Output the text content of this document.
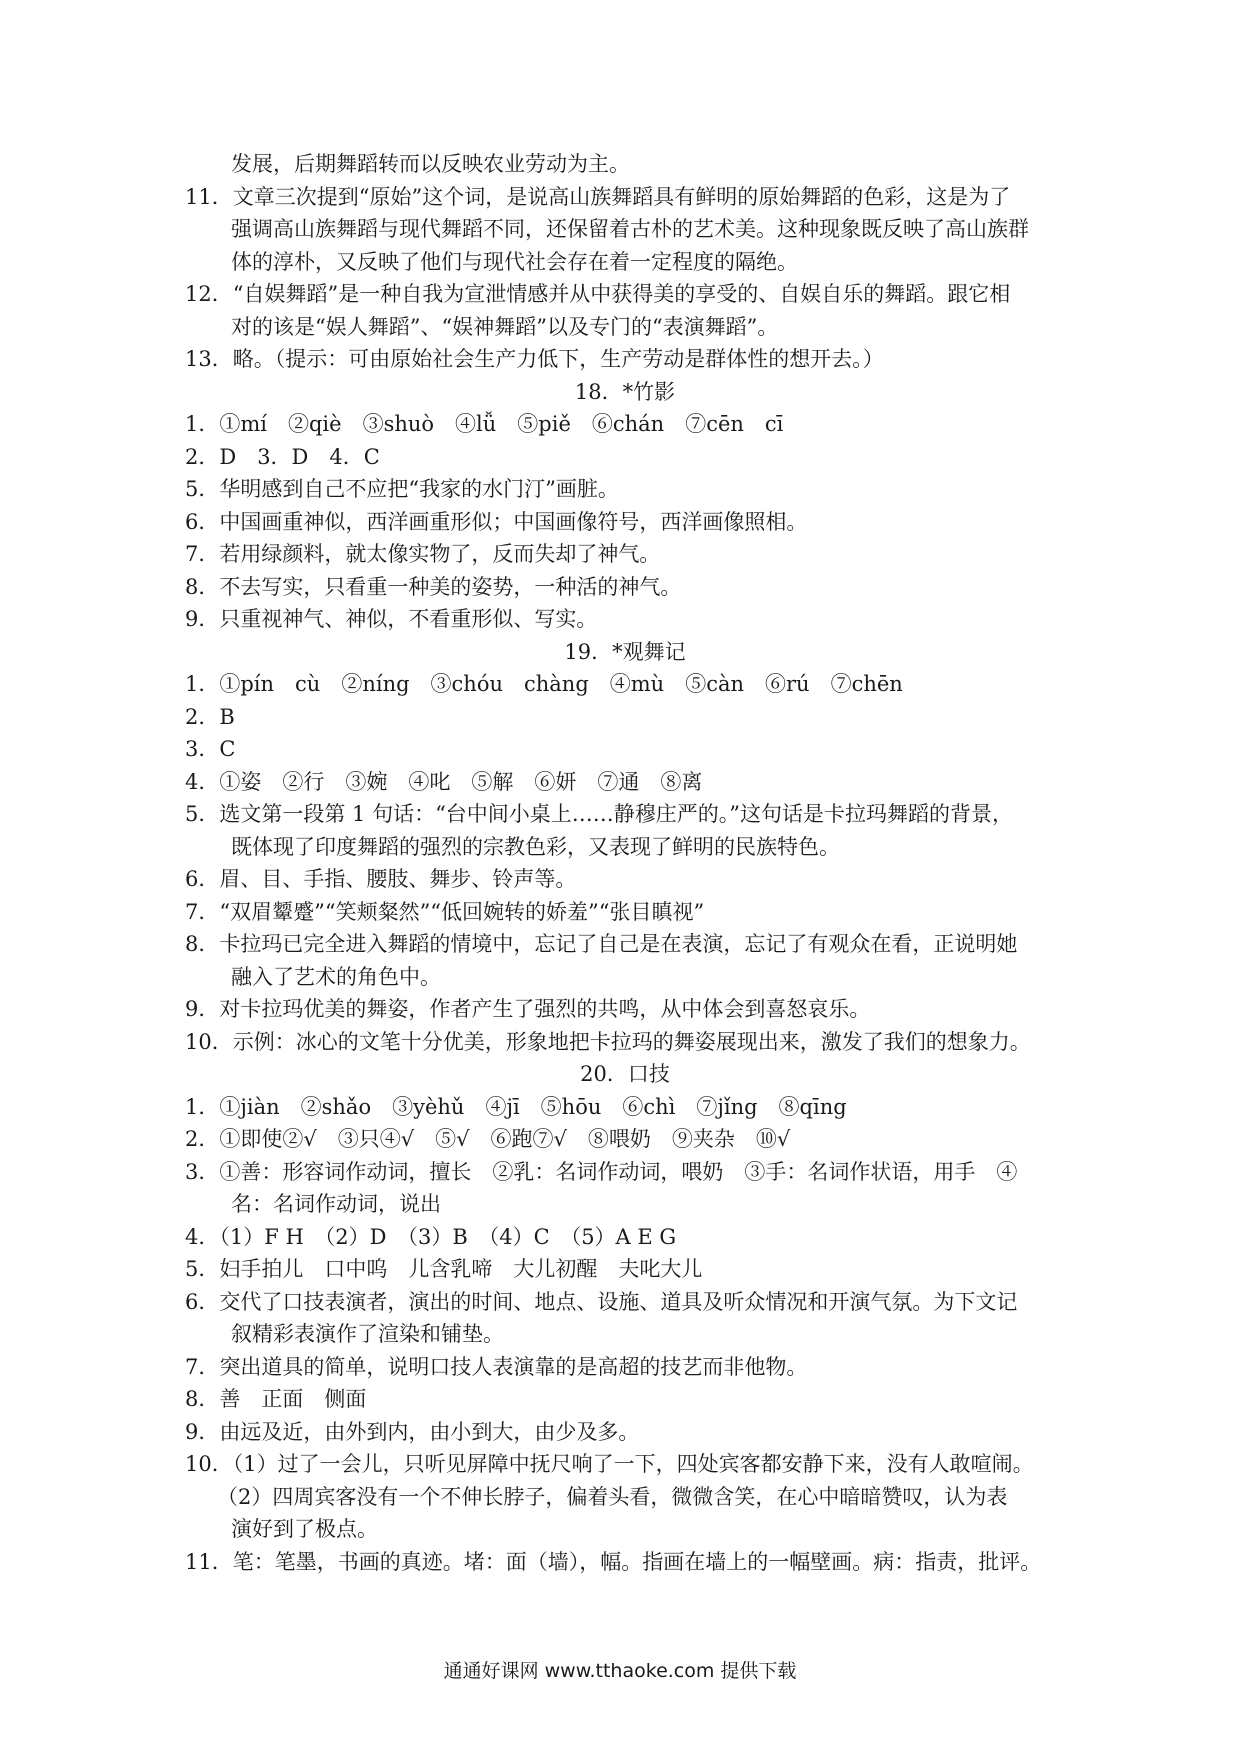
发展，后期舞蹈转而以反映农业劳动为主。
11．文章三次提到“原始”这个词，是说高山族舞蹈具有鲜明的原始舞蹈的色彩，这是为了
强调高山族舞蹈与现代舞蹈不同，还保留着古朴的艺术美。这种现象既反映了高山族群
体的淳朴，又反映了他们与现代社会存在着一定程度的隔绝。
12．“自娱舞蹈”是一种自我为宣泄情感并从中获得美的享受的、自娱自乐的舞蹈。跟它相
对的该是“娱人舞蹈”、“娱神舞蹈”以及专门的“表演舞蹈”。
13．略。（提示：可由原始社会生产力低下，生产劳动是群体性的想开去。）
18．*竹影
1．①mí　②qiè　③shuò　④lǚ　⑤piě　⑥chán　⑦cēn　cī
2．D　3．D　4．C
5．华明感到自己不应把“我家的水门汀”画脏。
6．中国画重神似，西洋画重形似；中国画像符号，西洋画像照相。
7．若用绿颜料，就太像实物了，反而失却了神气。
8．不去写实，只看重一种美的姿势，一种活的神气。
9．只重视神气、神似，不看重形似、写实。
19．*观舞记
1．①pín　cù　②níng　③chóu　chàng　④mù　⑤càn　⑥rú　⑦chēn
2．B
3．C
4．①姿　②行　③婉　④叱　⑤解　⑥妍　⑦通　⑧离
5．选文第一段第 1 句话：“台中间小桌上……静穆庄严的。”这句话是卡拉玛舞蹈的背景，
既体现了印度舞蹈的强烈的宗教色彩，又表现了鲜明的民族特色。
6．眉、目、手指、腰肢、舞步、铃声等。
7．“双眉颦蹙”“笑颊粲然”“低回婉转的娇羞”“张目瞋视”
8．卡拉玛已完全进入舞蹈的情境中，忘记了自己是在表演，忘记了有观众在看，正说明她
融入了艺术的角色中。
9．对卡拉玛优美的舞姿，作者产生了强烈的共鸣，从中体会到喜怒哀乐。
10．示例：冰心的文笔十分优美，形象地把卡拉玛的舞姿展现出来，激发了我们的想象力。
20．口技
1．①jiàn　②shǎo　③yèhǔ　④jī　⑤hōu　⑥chì　⑦jǐng　⑧qīng
2．①即使②√　③只④√　⑤√　⑥跑⑦√　⑧喂奶　⑨夹杂　⑩√
3．①善：形容词作动词，擅长　②乳：名词作动词，喂奶　③手：名词作状语，用手　④
名：名词作动词，说出
4．（1）F H　（2）D　（3）B　（4）C　（5）A E G
5．妇手拍儿　口中呜　儿含乳啼　大儿初醒　夫叱大儿
6．交代了口技表演者，演出的时间、地点、设施、道具及听众情况和开演气氛。为下文记
叙精彩表演作了渲染和铺垫。
7．突出道具的简单，说明口技人表演靠的是高超的技艺而非他物。
8．善　正面　侧面
9．由远及近，由外到内，由小到大，由少及多。
10．（1）过了一会儿，只听见屏障中抚尺响了一下，四处宾客都安静下来，没有人敢喧闹。
（2）四周宾客没有一个不伸长脖子，偏着头看，微微含笑，在心中暗暗赞叹，认为表
演好到了极点。
11．笔：笔墨，书画的真迹。堵：面（墙），幅。指画在墙上的一幅壁画。病：指责，批评。
通通好课网 www.tthaoke.com 提供下载
